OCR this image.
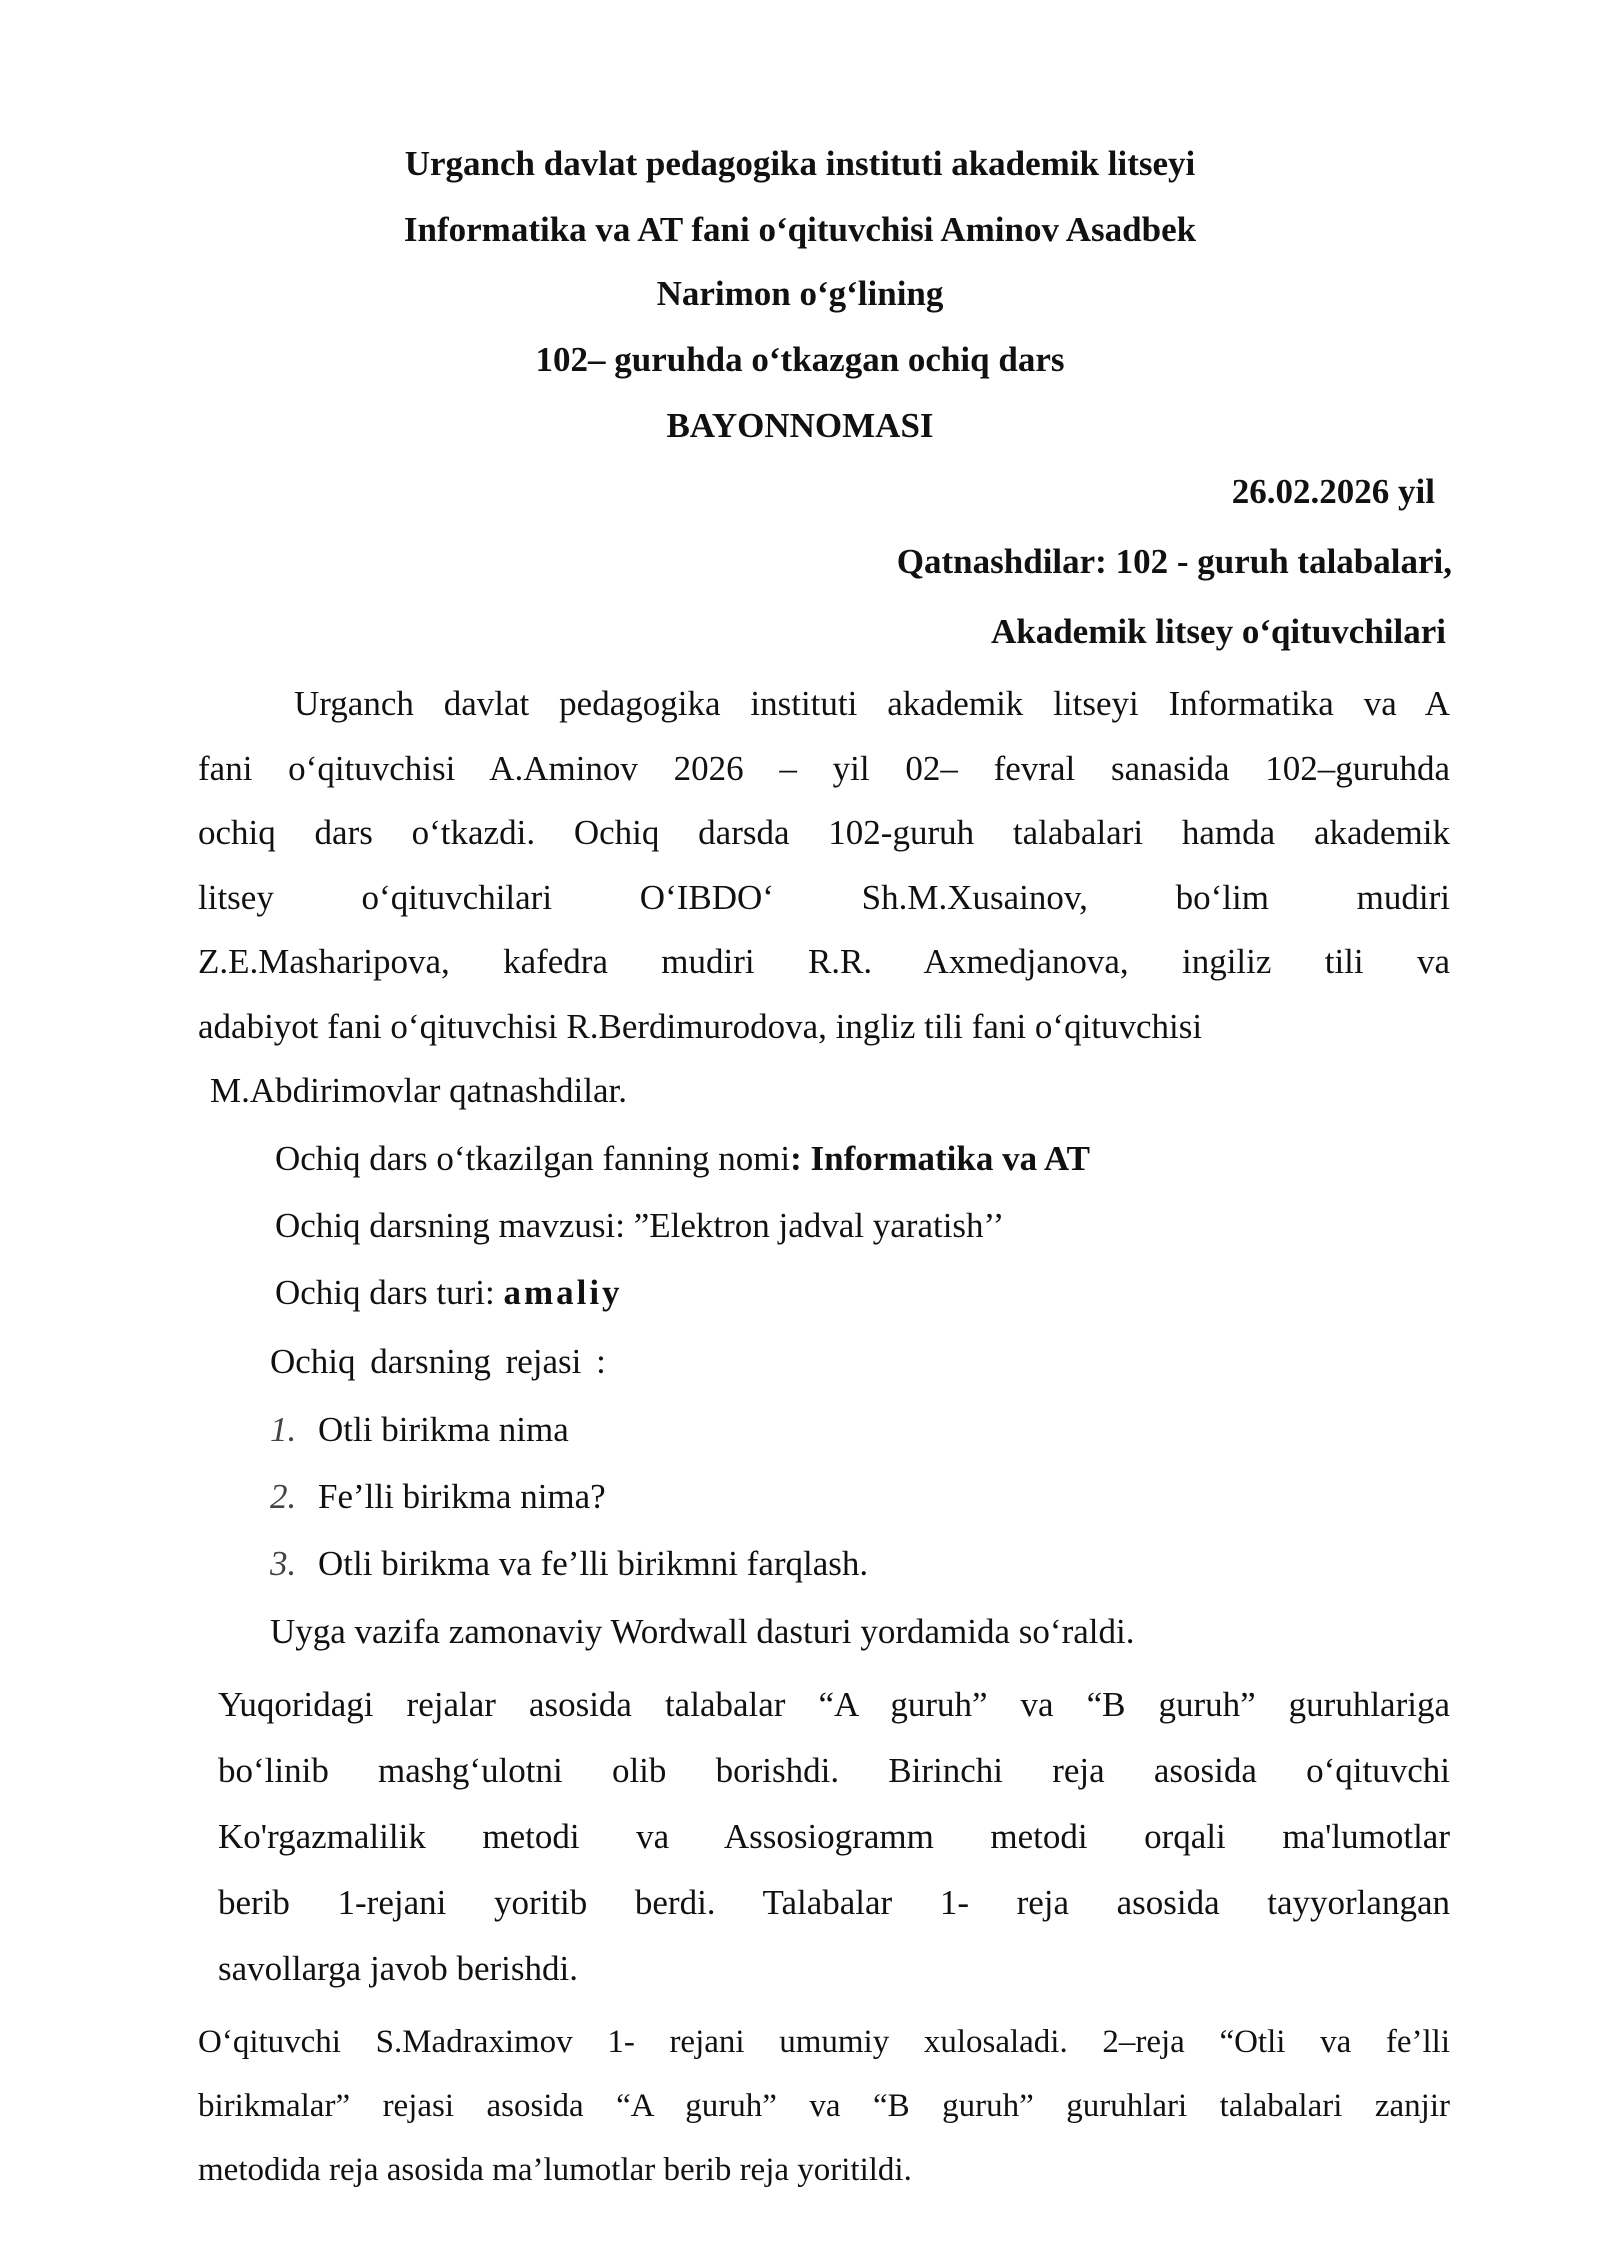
Urganch davlat pedagogika instituti akademik litseyi
Informatika va AT fani o‘qituvchisi Aminov Asadbek
Narimon o‘g‘lining
102– guruhda o‘tkazgan ochiq dars
BAYONNOMASI
26.02.2026 yil
Qatnashdilar: 102 - guruh talabalari,
Akademik litsey o‘qituvchilari
Urganch davlat pedagogika instituti akademik litseyi Informatika va A
fani o‘qituvchisi A.Aminov 2026 – yil 02– fevral sanasida 102–guruhda
ochiq dars o‘tkazdi. Ochiq darsda 102-guruh talabalari hamda akademik
litsey o‘qituvchilari O‘IBDO‘ Sh.M.Xusainov, bo‘lim mudiri
Z.E.Masharipova, kafedra mudiri R.R. Axmedjanova, ingiliz tili va
adabiyot fani o‘qituvchisi R.Berdimurodova, ingliz tili fani o‘qituvchisi
M.Abdirimovlar qatnashdilar.
Ochiq dars o‘tkazilgan fanning nomi: Informatika va AT
Ochiq darsning mavzusi: ”Elektron jadval yaratish’’
Ochiq dars turi: amaliy
Ochiq darsning rejasi :
1. Otli birikma nima
2. Fe’lli birikma nima?
3. Otli birikma va fe’lli birikmni farqlash.
Uyga vazifa zamonaviy Wordwall dasturi yordamida so‘raldi.
Yuqoridagi rejalar asosida talabalar “A guruh” va “B guruh” guruhlariga
bo‘linib mashg‘ulotni olib borishdi. Birinchi reja asosida o‘qituvchi
Ko'rgazmalilik metodi va Assosiogramm metodi orqali ma'lumotlar
berib 1-rejani yoritib berdi. Talabalar 1- reja asosida tayyorlangan
savollarga javob berishdi.
O‘qituvchi S.Madraximov 1- rejani umumiy xulosaladi. 2–reja “Otli va fe’lli
birikmalar” rejasi asosida “A guruh” va “B guruh” guruhlari talabalari zanjir
metodida reja asosida ma’lumotlar berib reja yoritildi.
